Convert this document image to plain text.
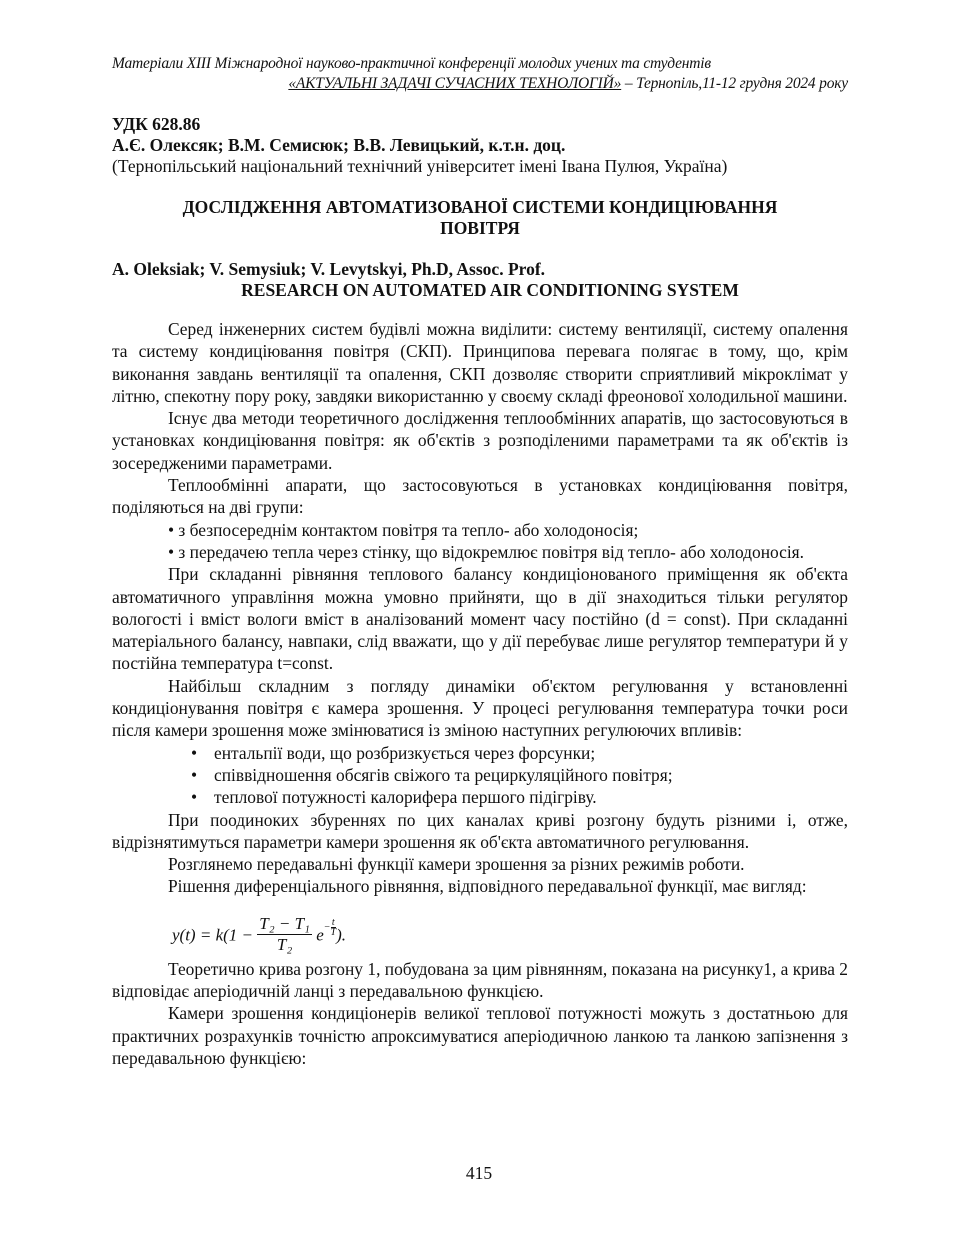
Матеріали XIII Міжнародної науково-практичної конференції молодих учених та студентів
«АКТУАЛЬНІ ЗАДАЧІ СУЧАСНИХ ТЕХНОЛОГІЙ» – Тернопіль,11-12 грудня 2024 року
УДК 628.86
А.Є. Олексяк; В.М. Семисюк; В.В. Левицький, к.т.н. доц.
(Тернопільський національний технічний університет імені Івана Пулюя, Україна)
ДОСЛІДЖЕННЯ АВТОМАТИЗОВАНОЇ СИСТЕМИ КОНДИЦІЮВАННЯ
ПОВІТРЯ
A. Oleksiak; V. Semysiuk; V. Levytskyi, Ph.D, Assoc. Prof.
RESEARCH ON AUTOMATED AIR CONDITIONING SYSTEM

Серед інженерних систем будівлі можна виділити: систему вентиляції, систему опалення та систему кондиціювання повітря (СКП). Принципова перевага полягає в тому, що, крім виконання завдань вентиляції та опалення, СКП дозволяє створити сприятливий мікроклімат у літню, спекотну пору року, завдяки використанню у своєму складі фреонової холодильної машини.

Існує два методи теоретичного дослідження теплообмінних апаратів, що застосовуються в установках кондиціювання повітря: як об'єктів з розподіленими параметрами та як об'єктів із зосередженими параметрами.

Теплообмінні апарати, що застосовуються в установках кондиціювання повітря, поділяються на дві групи:

• з безпосереднім контактом повітря та тепло- або холодоносія;
• з передачею тепла через стінку, що відокремлює повітря від тепло- або холодоносія.

При складанні рівняння теплового балансу кондиціонованого приміщення як об'єкта автоматичного управління можна умовно прийняти, що в дії знаходиться тільки регулятор вологості і вміст вологи вміст в аналізований момент часу постійно (d = const). При складанні матеріального балансу, навпаки, слід вважати, що у дії перебуває лише регулятор температури й у постійна температура t=const.

Найбільш складним з погляду динаміки об'єктом регулювання у встановленні кондиціонування повітря є камера зрошення. У процесі регулювання температура точки роси після камери зрошення може змінюватися із зміною наступних регулюючих впливів:

• ентальпії води, що розбризкується через форсунки;
• співвідношення обсягів свіжого та рециркуляційного повітря;
• теплової потужності калорифера першого підігріву.

При поодиноких збуреннях по цих каналах криві розгону будуть різними і, отже, відрізнятимуться параметри камери зрошення як об'єкта автоматичного регулювання.

Розглянемо передавальні функції камери зрошення за різних режимів роботи.

Рішення диференціального рівняння, відповідного передавальної функції, має вигляд:

$y(t) = k(1 - \frac{\text{T₂ − T₁}}{\text{T₂}} e^{- \frac{t}{T}}$ ).

Теоретично крива розгону 1, побудована за цим рівнянням, показана на рисунку1, а крива 2 відповідає аперіодичній ланці з передавальною функцією.

Камери зрошення кондиціонерів великої теплової потужності можуть з достатньою для практичних розрахунків точністю апроксимуватися аперіодичною ланкою та ланкою запізнення з передавальною функцією:

415
